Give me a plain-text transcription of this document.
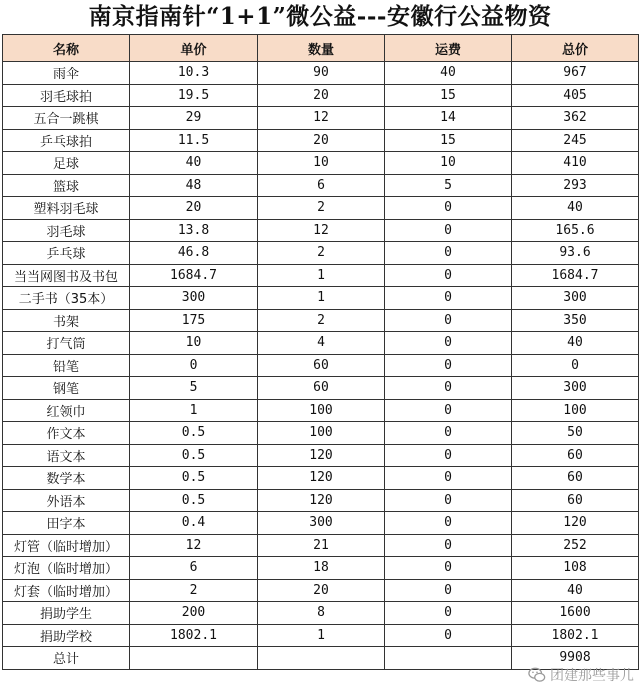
南京指南针“1+1”微公益---安徽行公益物资
名称	单价	数量	运费	总价
雨伞	10.3	90	40	967
羽毛球拍	19.5	20	15	405
五合一跳棋	29	12	14	362
乒乓球拍	11.5	20	15	245
足球	40	10	10	410
篮球	48	6	5	293
塑料羽毛球	20	2	0	40
羽毛球	13.8	12	0	165.6
乒乓球	46.8	2	0	93.6
当当网图书及书包	1684.7	1	0	1684.7
二手书（35本）	300	1	0	300
书架	175	2	0	350
打气筒	10	4	0	40
铅笔	0	60	0	0
钢笔	5	60	0	300
红领巾	1	100	0	100
作文本	0.5	100	0	50
语文本	0.5	120	0	60
数学本	0.5	120	0	60
外语本	0.5	120	0	60
田字本	0.4	300	0	120
灯管（临时增加）	12	21	0	252
灯泡（临时增加）	6	18	0	108
灯套（临时增加）	2	20	0	40
捐助学生	200	8	0	1600
捐助学校	1802.1	1	0	1802.1
总计				9908
团建那些事儿
